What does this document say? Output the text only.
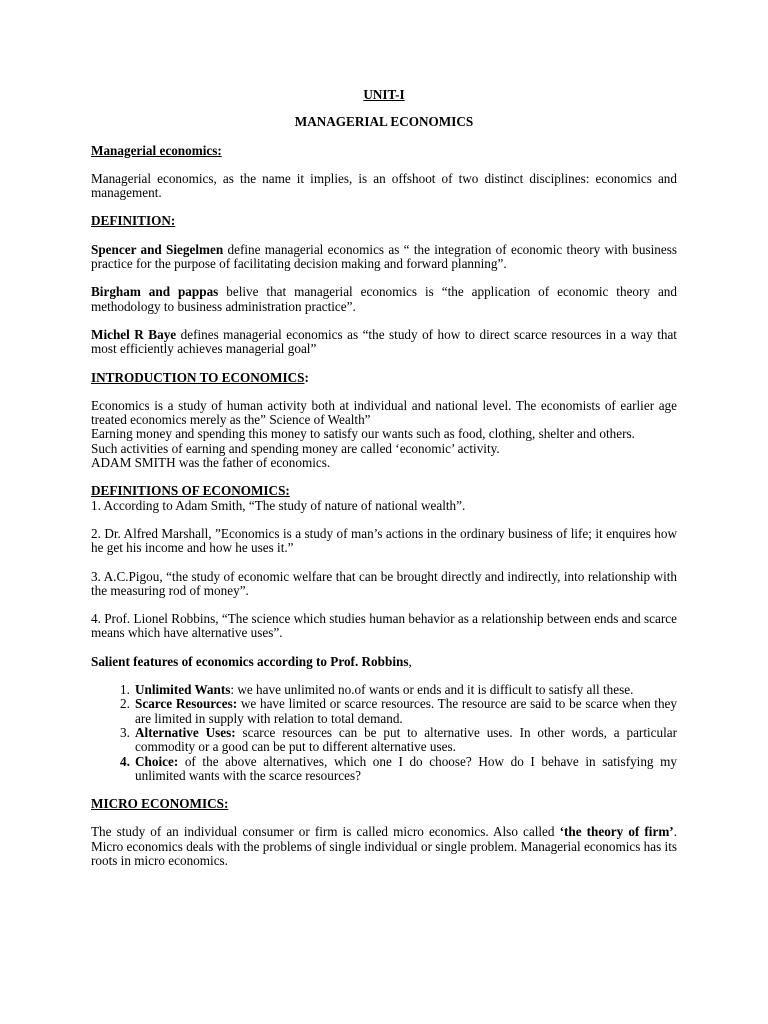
UNIT-I
MANAGERIAL ECONOMICS

Managerial economics:

Managerial economics, as the name it implies, is an offshoot of two distinct disciplines: economics and management.

DEFINITION:

Spencer and Siegelmen define managerial economics as “ the integration of economic theory with business practice for the purpose of facilitating decision making and forward planning”.

Birgham and pappas belive that managerial economics is “the application of economic theory and methodology to business administration practice”.

Michel R Baye defines managerial economics as “the study of how to direct scarce resources in a way that most efficiently achieves managerial goal”

INTRODUCTION TO ECONOMICS:

Economics is a study of human activity both at individual and national level. The economists of earlier age treated economics merely as the” Science of Wealth”

Earning money and spending this money to satisfy our wants such as food, clothing, shelter and others.

Such activities of earning and spending money are called ‘economic’ activity.

ADAM SMITH was the father of economics.

DEFINITIONS OF ECONOMICS:

1. According to Adam Smith, “The study of nature of national wealth”.

2. Dr. Alfred Marshall, ”Economics is a study of man’s actions in the ordinary business of life; it enquires how he get his income and how he uses it.”

3. A.C.Pigou, “the study of economic welfare that can be brought directly and indirectly, into relationship with the measuring rod of money”.

4. Prof. Lionel Robbins, “The science which studies human behavior as a relationship between ends and scarce means which have alternative uses”.

Salient features of economics according to Prof. Robbins,

1. Unlimited Wants: we have unlimited no.of wants or ends and it is difficult to satisfy all these.
2. Scarce Resources: we have limited or scarce resources. The resource are said to be scarce when they are limited in supply with relation to total demand.
3. Alternative Uses: scarce resources can be put to alternative uses. In other words, a particular commodity or a good can be put to different alternative uses.
4. Choice: of the above alternatives, which one I do choose? How do I behave in satisfying my unlimited wants with the scarce resources?

MICRO ECONOMICS:

The study of an individual consumer or firm is called micro economics. Also called ‘the theory of firm’. Micro economics deals with the problems of single individual or single problem. Managerial economics has its roots in micro economics.
